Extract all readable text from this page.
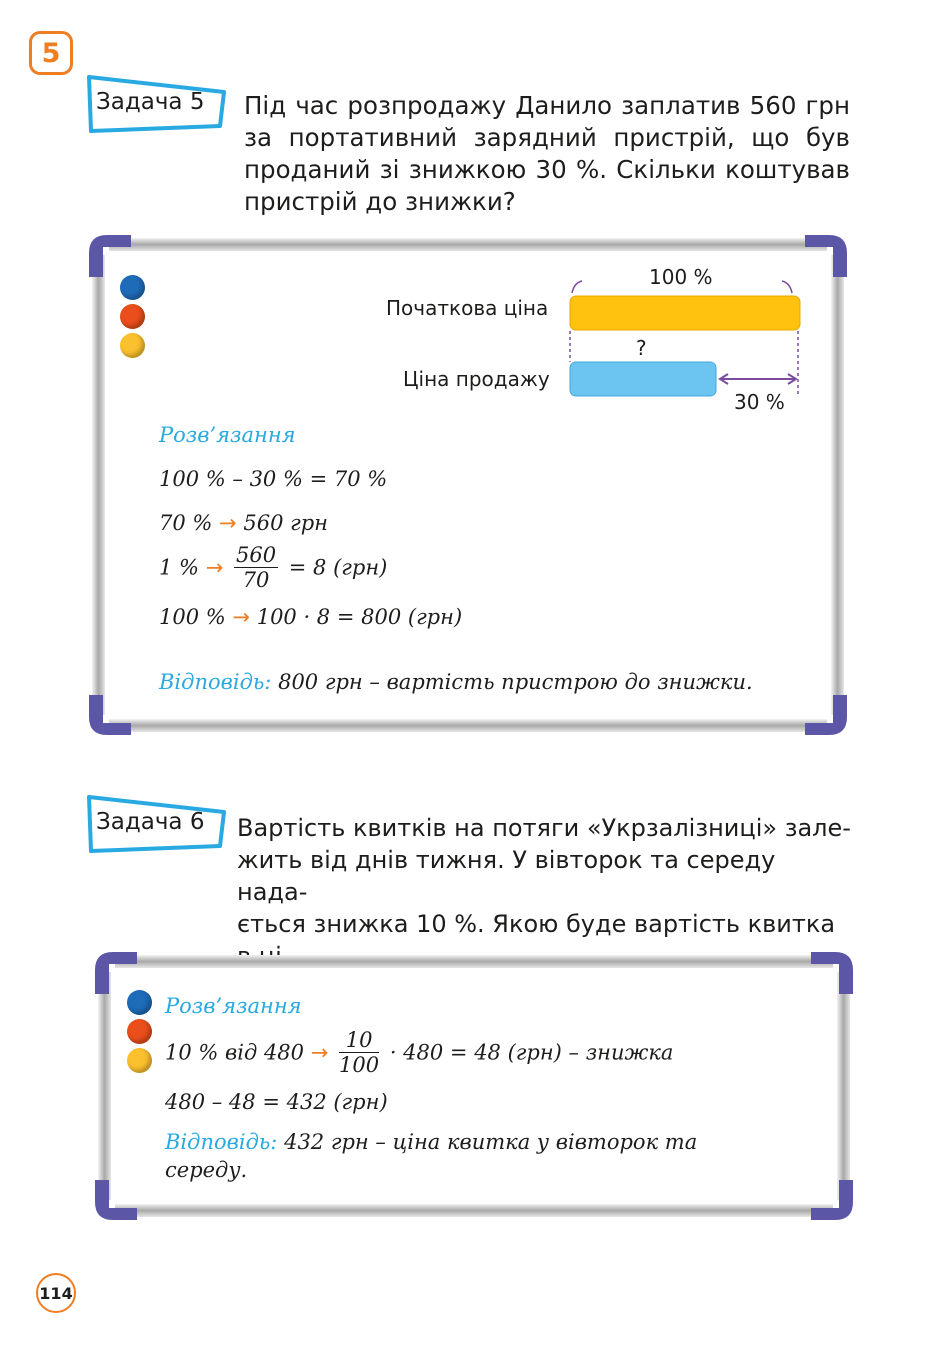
5
Задача 5 Під час розпродажу Данило заплатив 560 грн за портативний зарядний пристрій, що був проданий зі знижкою 30 %. Скільки коштував пристрій до знижки?
100 %
Початкова ціна
?
Ціна продажу
30 %
Розв’язання
100 % – 30 % = 70 %
70 % → 560 грн
1 % → $\frac{560}{70} = 8$ (грн)
100 % → 100 · 8 = 800 (грн)
Відповідь: 800 грн – вартість пристрою до знижки.
Задача 6 Вартість квитків на потяги «Укрзалізниці» зале-
жить від днів тижня. У вівторок та середу нада-
ється знижка 10 %. Якою буде вартість квитка
Розв’язання
10 % від $480 \to \frac{10}{100} \cdot 480 = 48$ (грн) – знижка
480 – 48 = 432 (грн)
Відповідь: 432 грн – ціна квитка у вівторок та
середу.
114
